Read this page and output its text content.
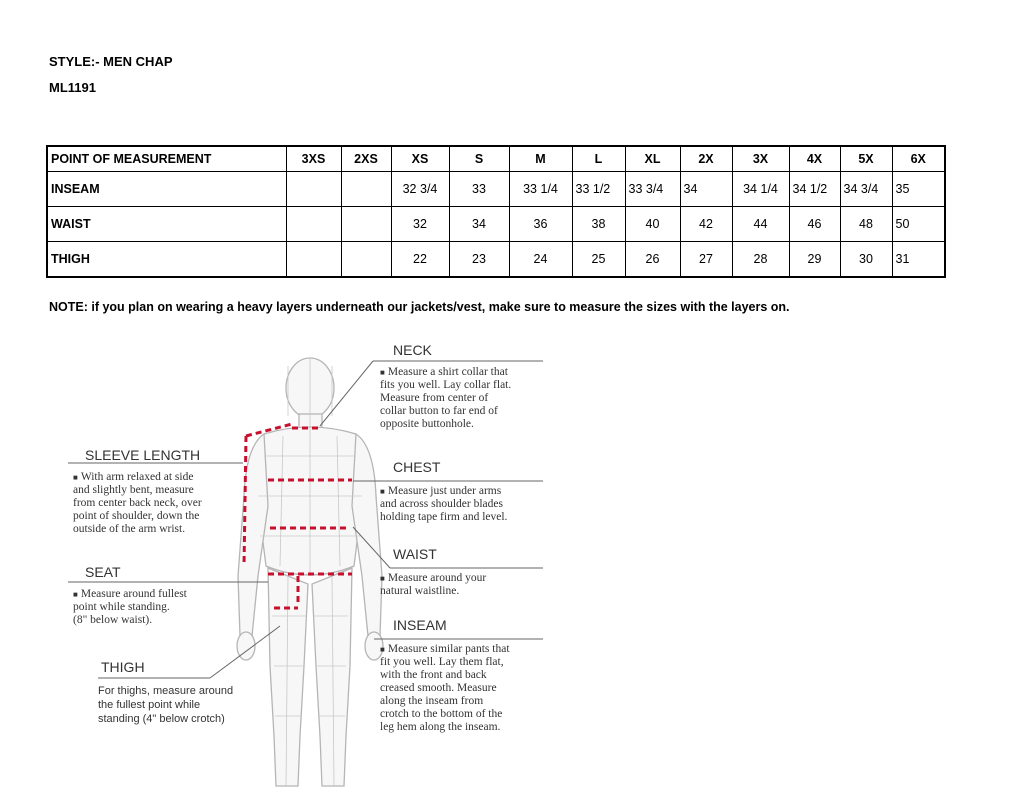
STYLE:- MEN CHAP
ML1191
POINT OF MEASUREMENT	3XS	2XS	XS	S	M	L	XL	2X	3X	4X	5X	6X
INSEAM			32 3/4	33	33 1/4	33 1/2	33 3/4	34	34 1/4	34 1/2	34 3/4	35
WAIST			32	34	36	38	40	42	44	46	48	50
THIGH			22	23	24	25	26	27	28	29	30	31
NOTE: if you plan on wearing a heavy layers underneath our jackets/vest, make sure to measure the sizes with the layers on.
NECK
■ Measure a shirt collar that
fits you well. Lay collar flat.
Measure from center of
collar button to far end of
opposite buttonhole.
CHEST
■ Measure just under arms
and across shoulder blades
holding tape firm and level.
WAIST
■ Measure around your
natural waistline.
INSEAM
■ Measure similar pants that
fit you well. Lay them flat,
with the front and back
creased smooth. Measure
along the inseam from
crotch to the bottom of the
leg hem along the inseam.
SLEEVE LENGTH
■ With arm relaxed at side
and slightly bent, measure
from center back neck, over
point of shoulder, down the
outside of the arm wrist.
SEAT
■ Measure around fullest
point while standing.
(8" below waist).
THIGH
For thighs, measure around
the fullest point while
standing (4" below crotch)
